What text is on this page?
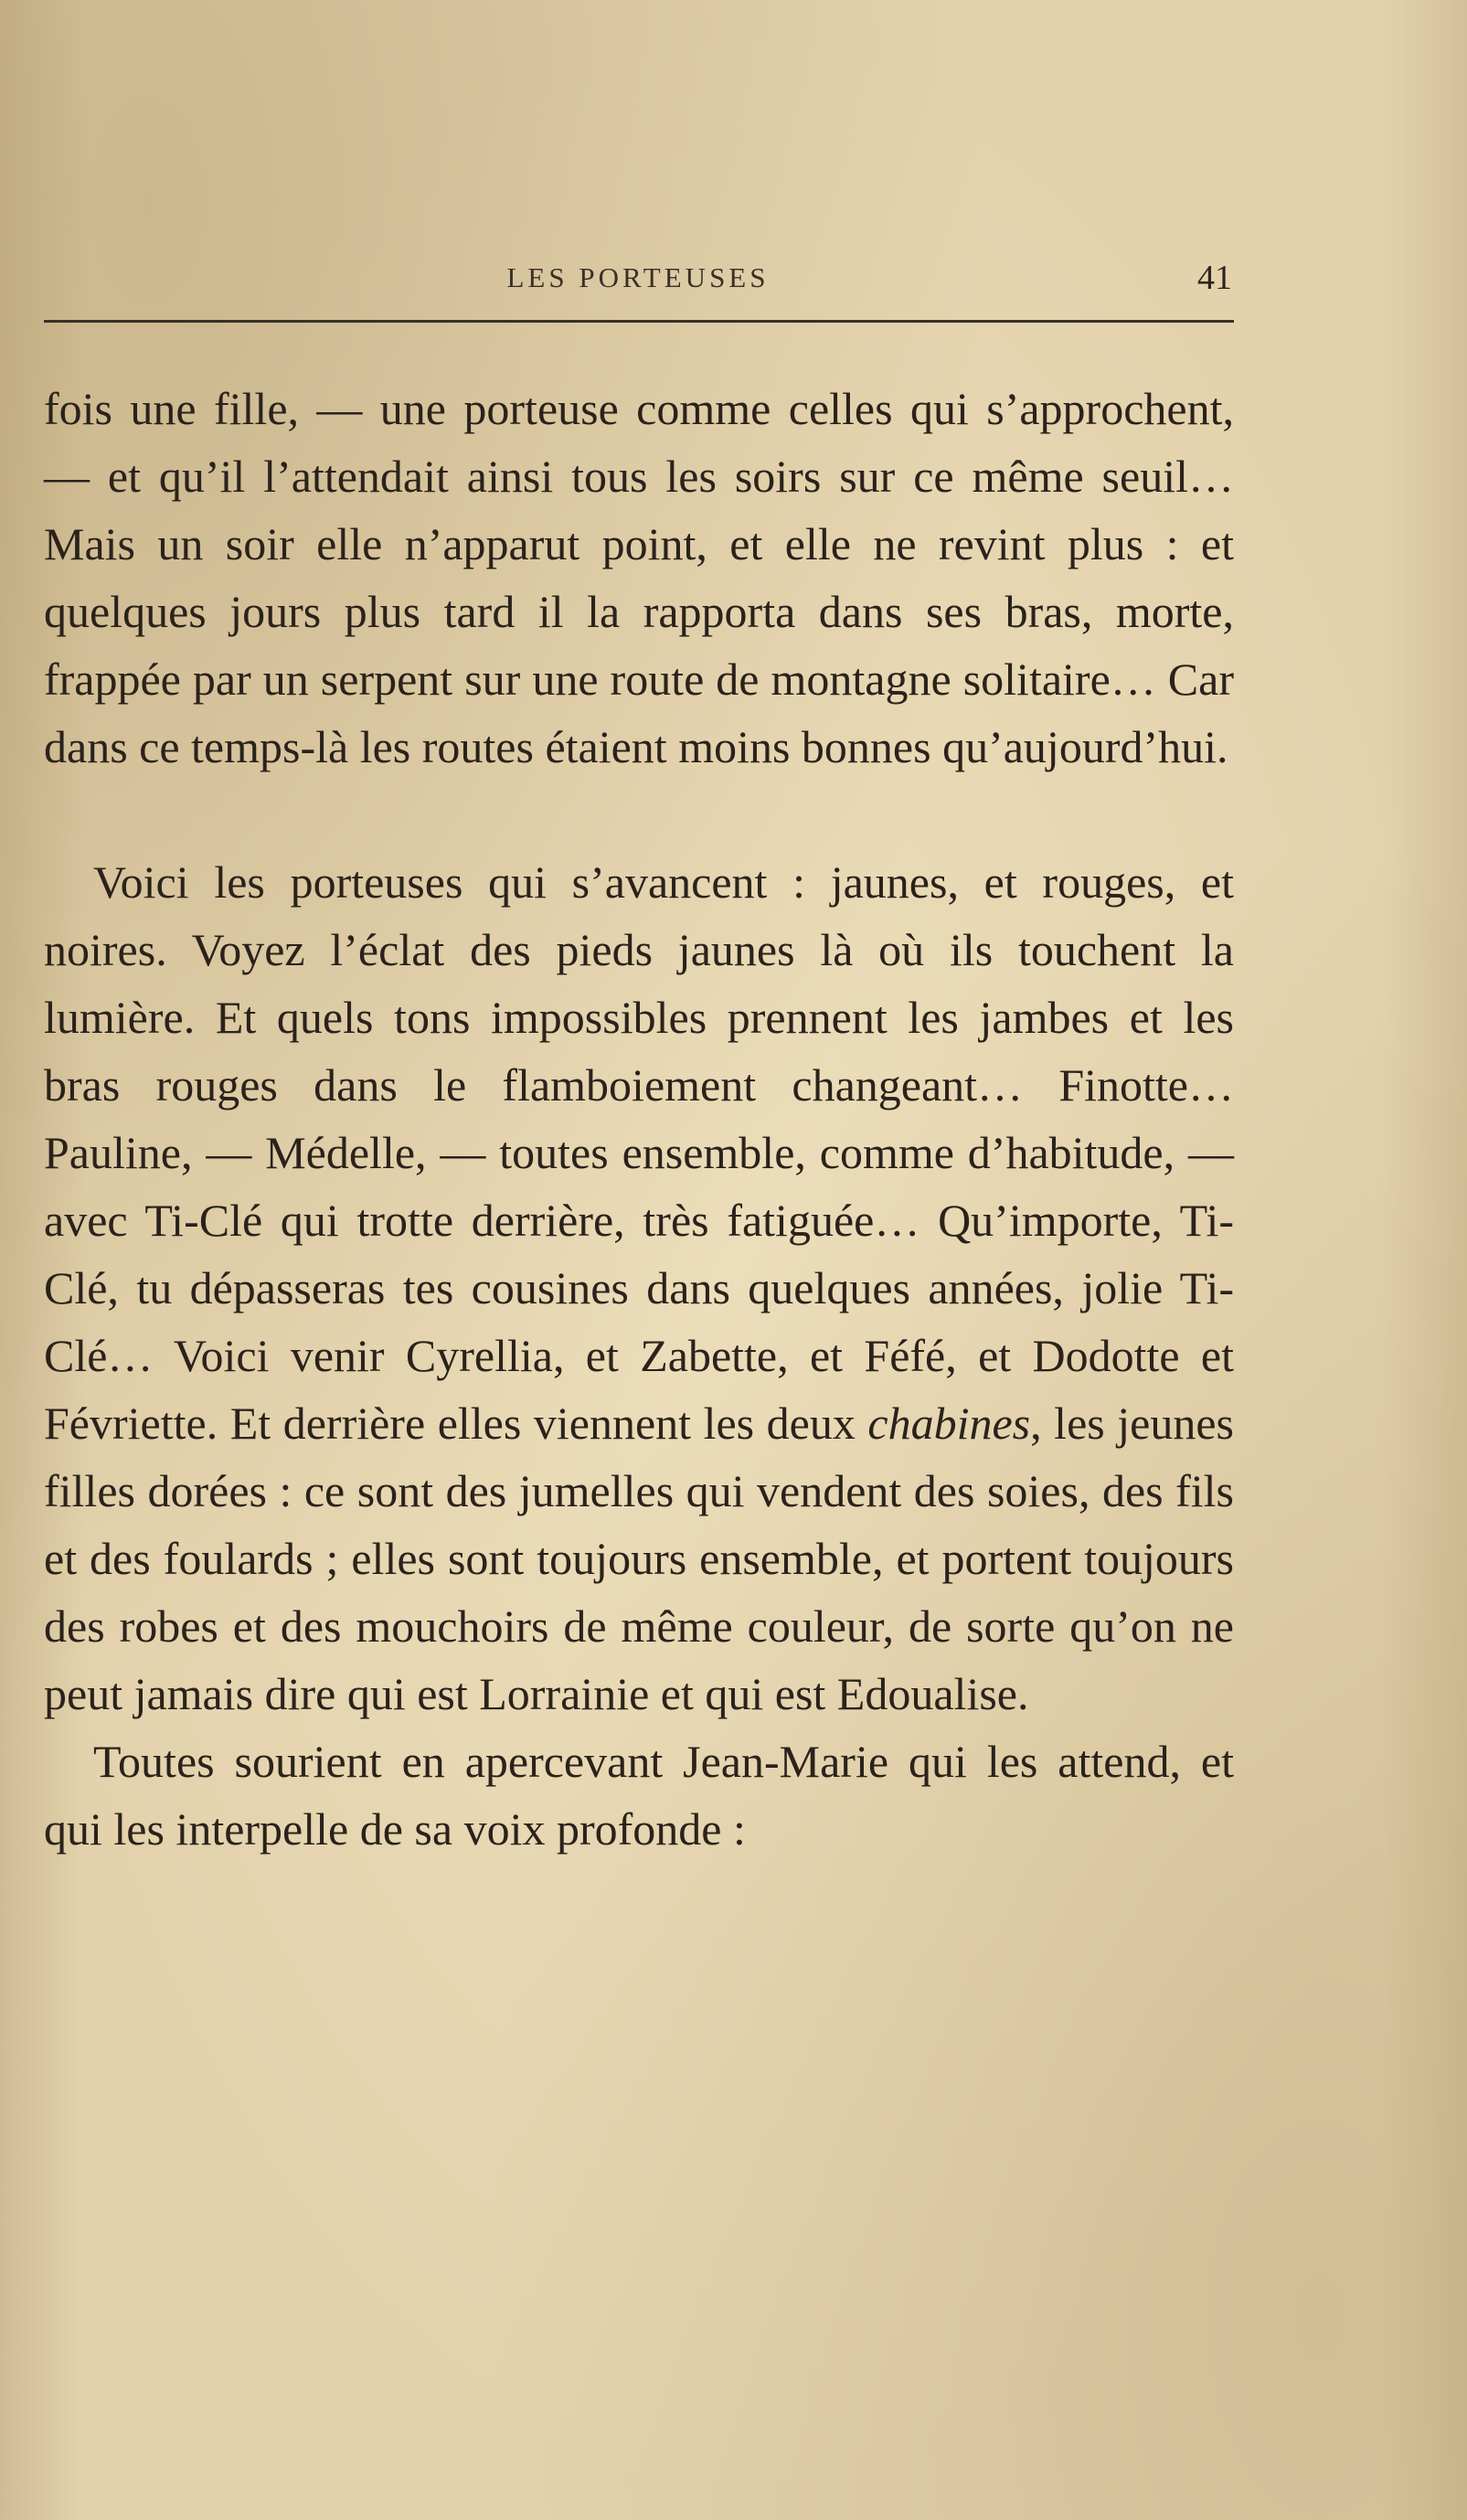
LES PORTEUSES	41

fois une fille, — une porteuse comme celles qui s’approchent, — et qu’il l’attendait ainsi tous les soirs sur ce même seuil… Mais un soir elle n’apparut point, et elle ne revint plus : et quelques jours plus tard il la rapporta dans ses bras, morte, frappée par un serpent sur une route de montagne solitaire… Car dans ce temps-là les routes étaient moins bonnes qu’aujourd’hui.

Voici les porteuses qui s’avancent : jaunes, et rouges, et noires. Voyez l’éclat des pieds jaunes là où ils touchent la lumière. Et quels tons impossibles prennent les jambes et les bras rouges dans le flamboiement changeant… Finotte… Pauline, — Médelle, — toutes ensemble, comme d’habitude, — avec Ti-Clé qui trotte derrière, très fatiguée… Qu’importe, Ti-Clé, tu dépasseras tes cousines dans quelques années, jolie Ti-Clé… Voici venir Cyrellia, et Zabette, et Féfé, et Dodotte et Févriette. Et derrière elles viennent les deux chabines, les jeunes filles dorées : ce sont des jumelles qui vendent des soies, des fils et des foulards ; elles sont toujours ensemble, et portent toujours des robes et des mouchoirs de même couleur, de sorte qu’on ne peut jamais dire qui est Lorrainie et qui est Edoualise.

Toutes sourient en apercevant Jean-Marie qui les attend, et qui les interpelle de sa voix profonde :
